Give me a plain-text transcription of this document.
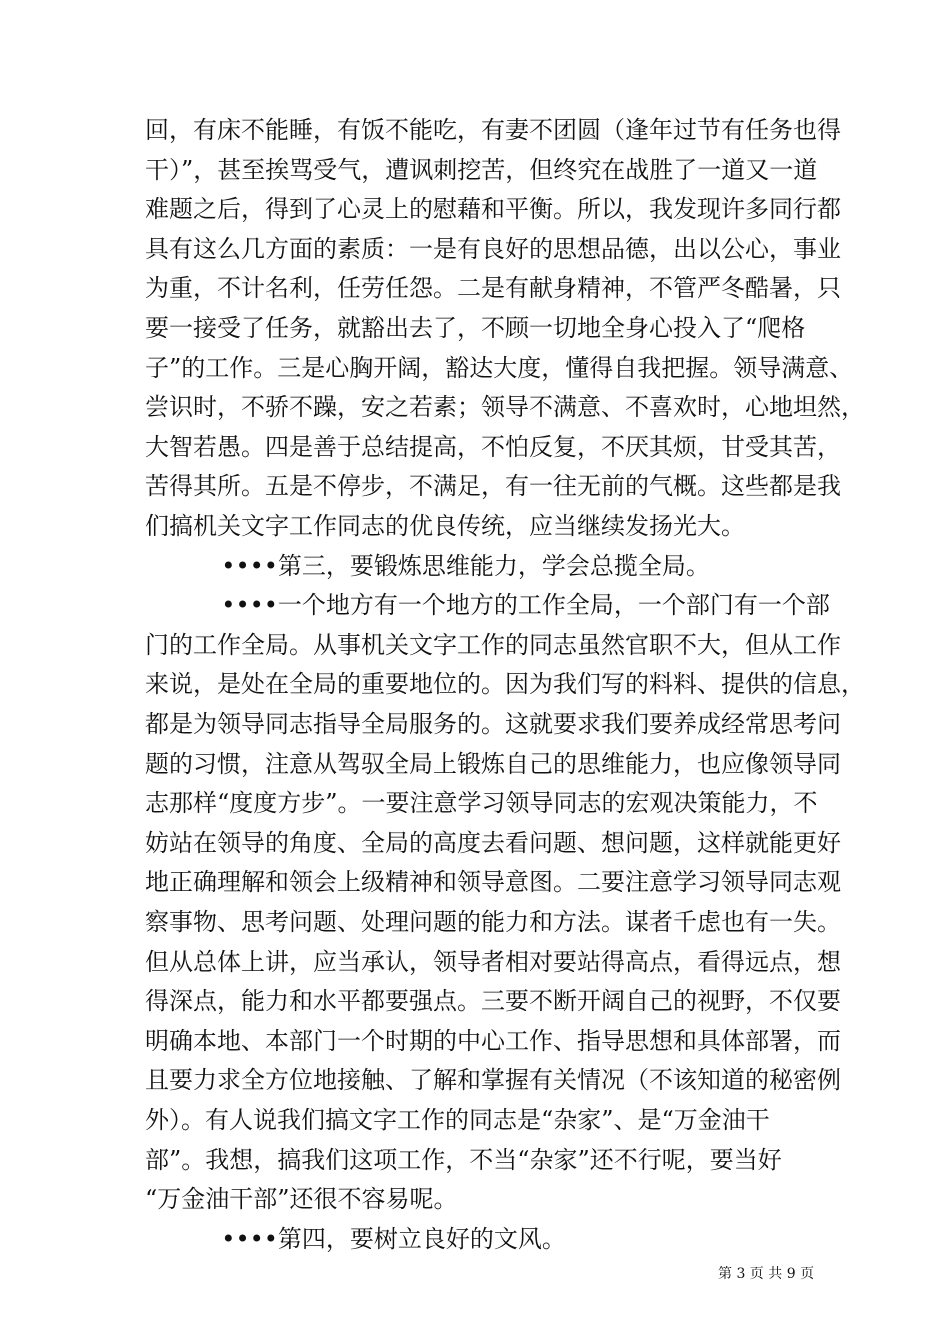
回，有床不能睡，有饭不能吃，有妻不团圆（逢年过节有任务也得
干）”，甚至挨骂受气，遭讽刺挖苦，但终究在战胜了一道又一道
难题之后，得到了心灵上的慰藉和平衡。所以，我发现许多同行都
具有这么几方面的素质：一是有良好的思想品德，出以公心，事业
为重，不计名利，任劳任怨。二是有献身精神，不管严冬酷暑，只
要一接受了任务，就豁出去了，不顾一切地全身心投入了“爬格
子”的工作。三是心胸开阔，豁达大度，懂得自我把握。领导满意、
尝识时，不骄不躁，安之若素；领导不满意、不喜欢时，心地坦然，
大智若愚。四是善于总结提高，不怕反复，不厌其烦，甘受其苦，
苦得其所。五是不停步，不满足，有一往无前的气概。这些都是我
们搞机关文字工作同志的优良传统，应当继续发扬光大。
••••第三，要锻炼思维能力，学会总揽全局。
••••一个地方有一个地方的工作全局，一个部门有一个部
门的工作全局。从事机关文字工作的同志虽然官职不大，但从工作
来说，是处在全局的重要地位的。因为我们写的料料、提供的信息，
都是为领导同志指导全局服务的。这就要求我们要养成经常思考问
题的习惯，注意从驾驭全局上锻炼自己的思维能力，也应像领导同
志那样“度度方步”。一要注意学习领导同志的宏观决策能力，不
妨站在领导的角度、全局的高度去看问题、想问题，这样就能更好
地正确理解和领会上级精神和领导意图。二要注意学习领导同志观
察事物、思考问题、处理问题的能力和方法。谋者千虑也有一失。
但从总体上讲，应当承认，领导者相对要站得高点，看得远点，想
得深点，能力和水平都要强点。三要不断开阔自己的视野，不仅要
明确本地、本部门一个时期的中心工作、指导思想和具体部署，而
且要力求全方位地接触、了解和掌握有关情况（不该知道的秘密例
外）。有人说我们搞文字工作的同志是“杂家”、是“万金油干
部”。我想，搞我们这项工作，不当“杂家”还不行呢，要当好
“万金油干部”还很不容易呢。
••••第四，要树立良好的文风。
第 3 页 共 9 页
